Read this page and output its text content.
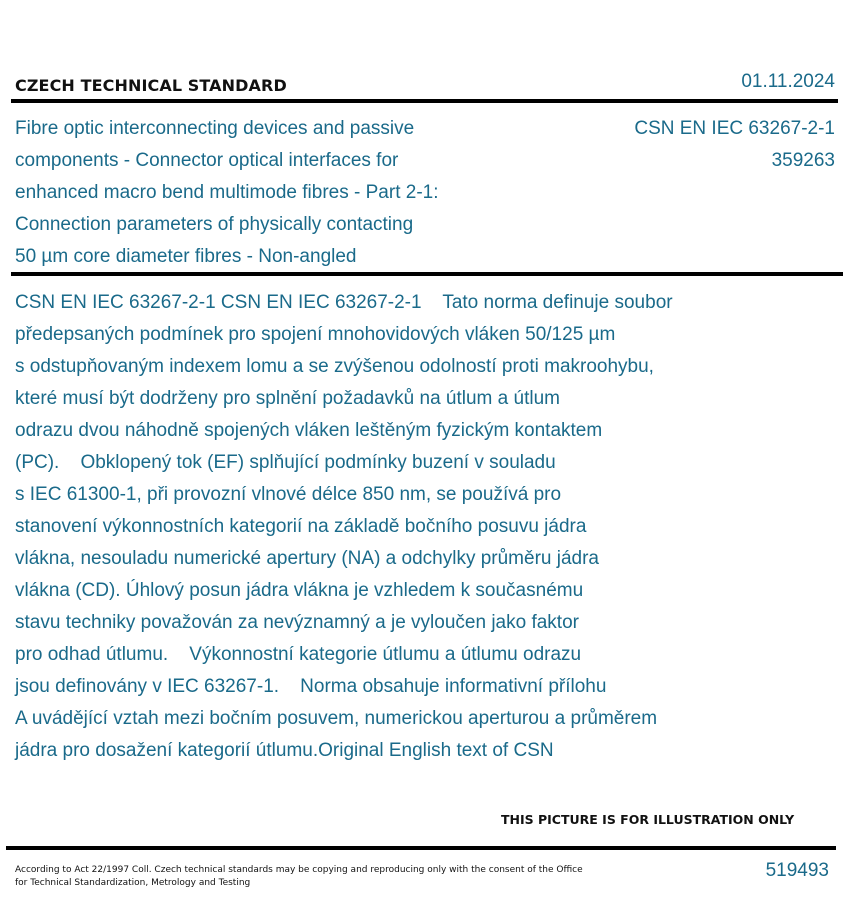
CZECH TECHNICAL STANDARD	01.11.2024
Fibre optic interconnecting devices and passive
components - Connector optical interfaces for
enhanced macro bend multimode fibres - Part 2-1:
Connection parameters of physically contacting
50 µm core diameter fibres - Non-angled
CSN EN IEC 63267-2-1
359263
CSN EN IEC 63267-2-1 CSN EN IEC 63267-2-1    Tato norma definuje soubor
předepsaných podmínek pro spojení mnohovidových vláken 50/125 µm
s odstupňovaným indexem lomu a se zvýšenou odolností proti makroohybu,
které musí být dodrženy pro splnění požadavků na útlum a útlum
odrazu dvou náhodně spojených vláken leštěným fyzickým kontaktem
(PC).    Obklopený tok (EF) splňující podmínky buzení v souladu
s IEC 61300-1, při provozní vlnové délce 850 nm, se používá pro
stanovení výkonnostních kategorií na základě bočního posuvu jádra
vlákna, nesouladu numerické apertury (NA) a odchylky průměru jádra
vlákna (CD). Úhlový posun jádra vlákna je vzhledem k současnému
stavu techniky považován za nevýznamný a je vyloučen jako faktor
pro odhad útlumu.    Výkonnostní kategorie útlumu a útlumu odrazu
jsou definovány v IEC 63267-1.    Norma obsahuje informativní přílohu
A uvádějící vztah mezi bočním posuvem, numerickou aperturou a průměrem
jádra pro dosažení kategorií útlumu.Original English text of CSN
THIS PICTURE IS FOR ILLUSTRATION ONLY
According to Act 22/1997 Coll. Czech technical standards may be copying and reproducing only with the consent of the Office
for Technical Standardization, Metrology and Testing
519493
